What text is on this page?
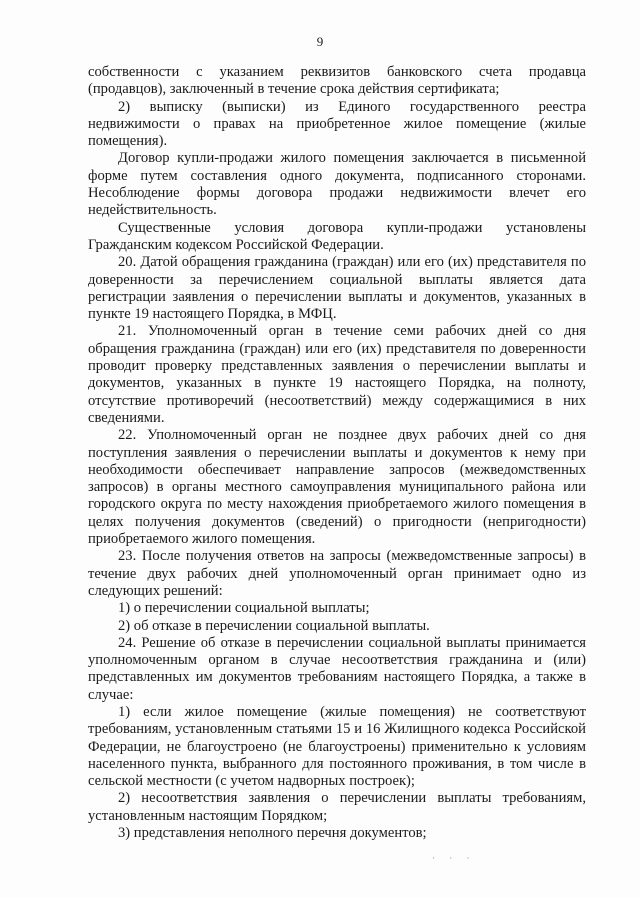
9

собственности с указанием реквизитов банковского счета продавца (продавцов), заключенный в течение срока действия сертификата;

2) выписку (выписки) из Единого государственного реестра недвижимости о правах на приобретенное жилое помещение (жилые помещения).

Договор купли-продажи жилого помещения заключается в письменной форме путем составления одного документа, подписанного сторонами. Несоблюдение формы договора продажи недвижимости влечет его недействительность.

Существенные условия договора купли-продажи установлены Гражданским кодексом Российской Федерации.

20. Датой обращения гражданина (граждан) или его (их) представителя по доверенности за перечислением социальной выплаты является дата регистрации заявления о перечислении выплаты и документов, указанных в пункте 19 настоящего Порядка, в МФЦ.

21. Уполномоченный орган в течение семи рабочих дней со дня обращения гражданина (граждан) или его (их) представителя по доверенности проводит проверку представленных заявления о перечислении выплаты и документов, указанных в пункте 19 настоящего Порядка, на полноту, отсутствие противоречий (несоответствий) между содержащимися в них сведениями.

22. Уполномоченный орган не позднее двух рабочих дней со дня поступления заявления о перечислении выплаты и документов к нему при необходимости обеспечивает направление запросов (межведомственных запросов) в органы местного самоуправления муниципального района или городского округа по месту нахождения приобретаемого жилого помещения в целях получения документов (сведений) о пригодности (непригодности) приобретаемого жилого помещения.

23. После получения ответов на запросы (межведомственные запросы) в течение двух рабочих дней уполномоченный орган принимает одно из следующих решений:

1) о перечислении социальной выплаты;

2) об отказе в перечислении социальной выплаты.

24. Решение об отказе в перечислении социальной выплаты принимается уполномоченным органом в случае несоответствия гражданина и (или) представленных им документов требованиям настоящего Порядка, а также в случае:

1) если жилое помещение (жилые помещения) не соответствуют требованиям, установленным статьями 15 и 16 Жилищного кодекса Российской Федерации, не благоустроено (не благоустроены) применительно к условиям населенного пункта, выбранного для постоянного проживания, в том числе в сельской местности (с учетом надворных построек);

2) несоответствия заявления о перечислении выплаты требованиям, установленным настоящим Порядком;

3) представления неполного перечня документов;

· · ·
